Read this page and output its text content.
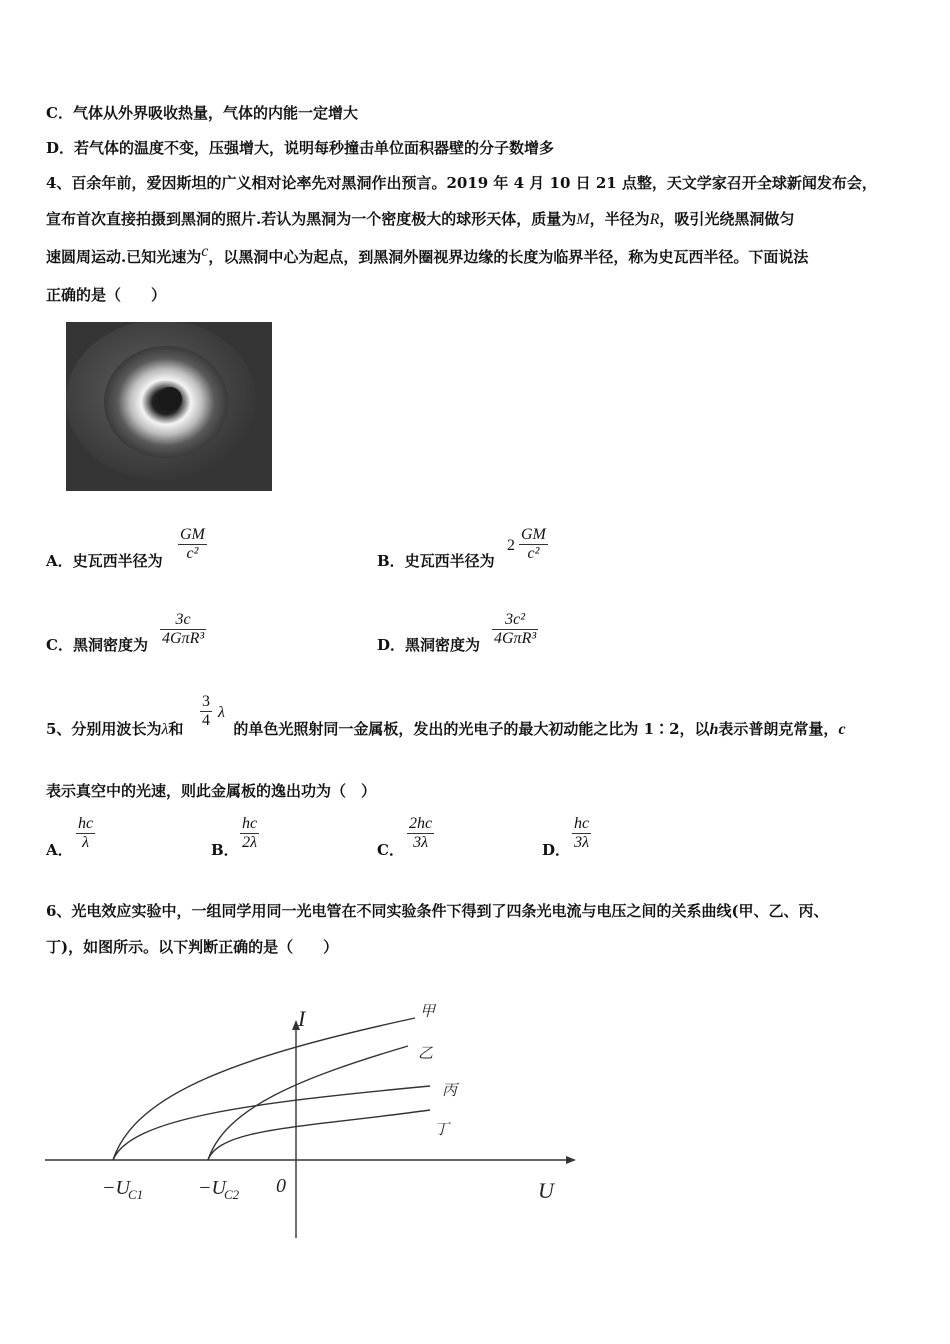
C．气体从外界吸收热量，气体的内能一定增大
D．若气体的温度不变，压强增大，说明每秒撞击单位面积器壁的分子数增多
4、百余年前，爱因斯坦的广义相对论率先对黑洞作出预言。2019 年 4 月 10 日 21 点整，天文学家召开全球新闻发布会，
宣布首次直接拍摄到黑洞的照片.若认为黑洞为一个密度极大的球形天体，质量为M，半径为R，吸引光绕黑洞做匀
速圆周运动.已知光速为c，以黑洞中心为起点，到黑洞外圈视界边缘的长度为临界半径，称为史瓦西半径。下面说法
正确的是（　　）
A．史瓦西半径为
GM
c²	B．史瓦西半径为
2
GM
c²
C．黑洞密度为
3c
4GπR³	D．黑洞密度为
3c²
4GπR³
5、分别用波长为λ和	的单色光照射同一金属板，发出的光电子的最大初动能之比为 1∶2，以h表示普朗克常量，c
3
4 λ
表示真空中的光速，则此金属板的逸出功为（　）
A．
hc
λ	B．
hc
2λ	C．
2hc
3λ	D．
hc
3λ
6、光电效应实验中，一组同学用同一光电管在不同实验条件下得到了四条光电流与电压之间的关系曲线(甲、乙、丙、
丁)，如图所示。以下判断正确的是（　　）
I
U
0
−U
C1	−U
C2
甲
乙
丙
丁
